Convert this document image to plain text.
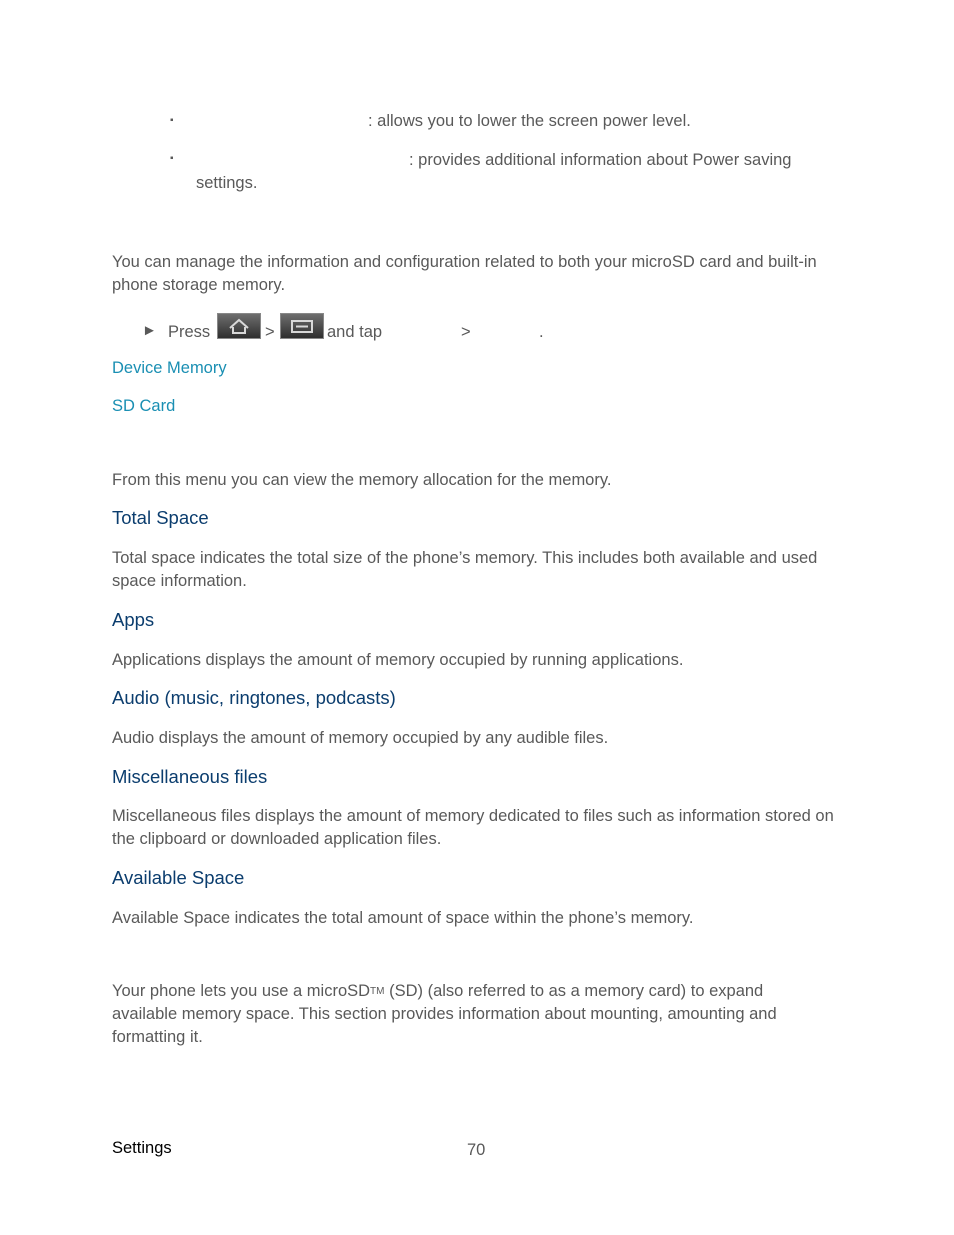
▪	: allows you to lower the screen power level.
▪	: provides additional information about Power saving
settings.
You can manage the information and configuration related to both your microSD card and built-in phone storage memory.
► Press	>	and tap	>	.
Device Memory
SD Card
From this menu you can view the memory allocation for the memory.
Total Space
Total space indicates the total size of the phone’s memory. This includes both available and used space information.
Apps
Applications displays the amount of memory occupied by running applications.
Audio (music, ringtones, podcasts)
Audio displays the amount of memory occupied by any audible files.
Miscellaneous files
Miscellaneous files displays the amount of memory dedicated to files such as information stored on the clipboard or downloaded application files.
Available Space
Available Space indicates the total amount of space within the phone’s memory.
Your phone lets you use a microSDTM (SD) (also referred to as a memory card) to expand available memory space. This section provides information about mounting, amounting and formatting it.
Settings	70
